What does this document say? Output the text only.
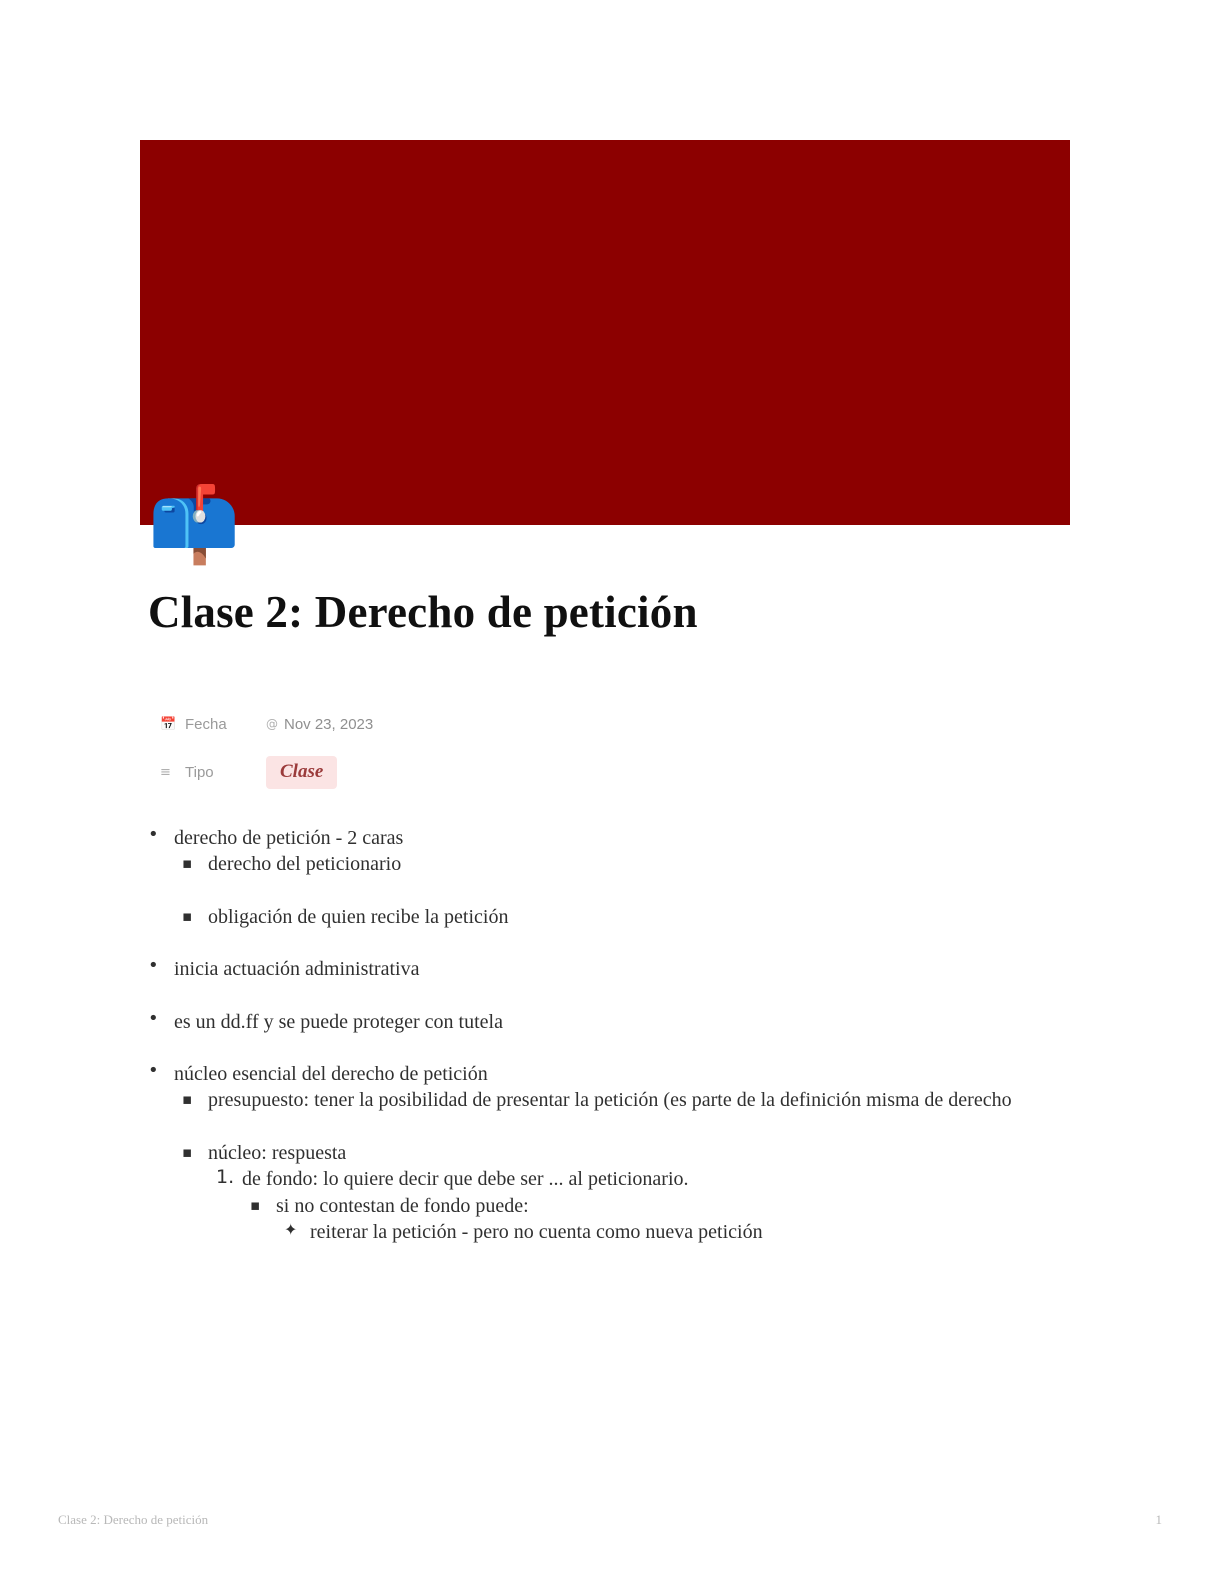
📫
Clase 2: Derecho de petición
📅 Fecha	@ Nov 23, 2023
≡ Tipo	Clase
• derecho de petición - 2 caras
▪ derecho del peticionario
▪ obligación de quien recibe la petición
• inicia actuación administrativa
• es un dd.ff y se puede proteger con tutela
• núcleo esencial del derecho de petición
▪ presupuesto: tener la posibilidad de presentar la petición (es parte de la definición misma de derecho
▪ núcleo: respuesta
1. de fondo: lo quiere decir que debe ser ... al peticionario.
▪ si no contestan de fondo puede:
✦ reiterar la petición - pero no cuenta como nueva petición
Clase 2: Derecho de petición	1
